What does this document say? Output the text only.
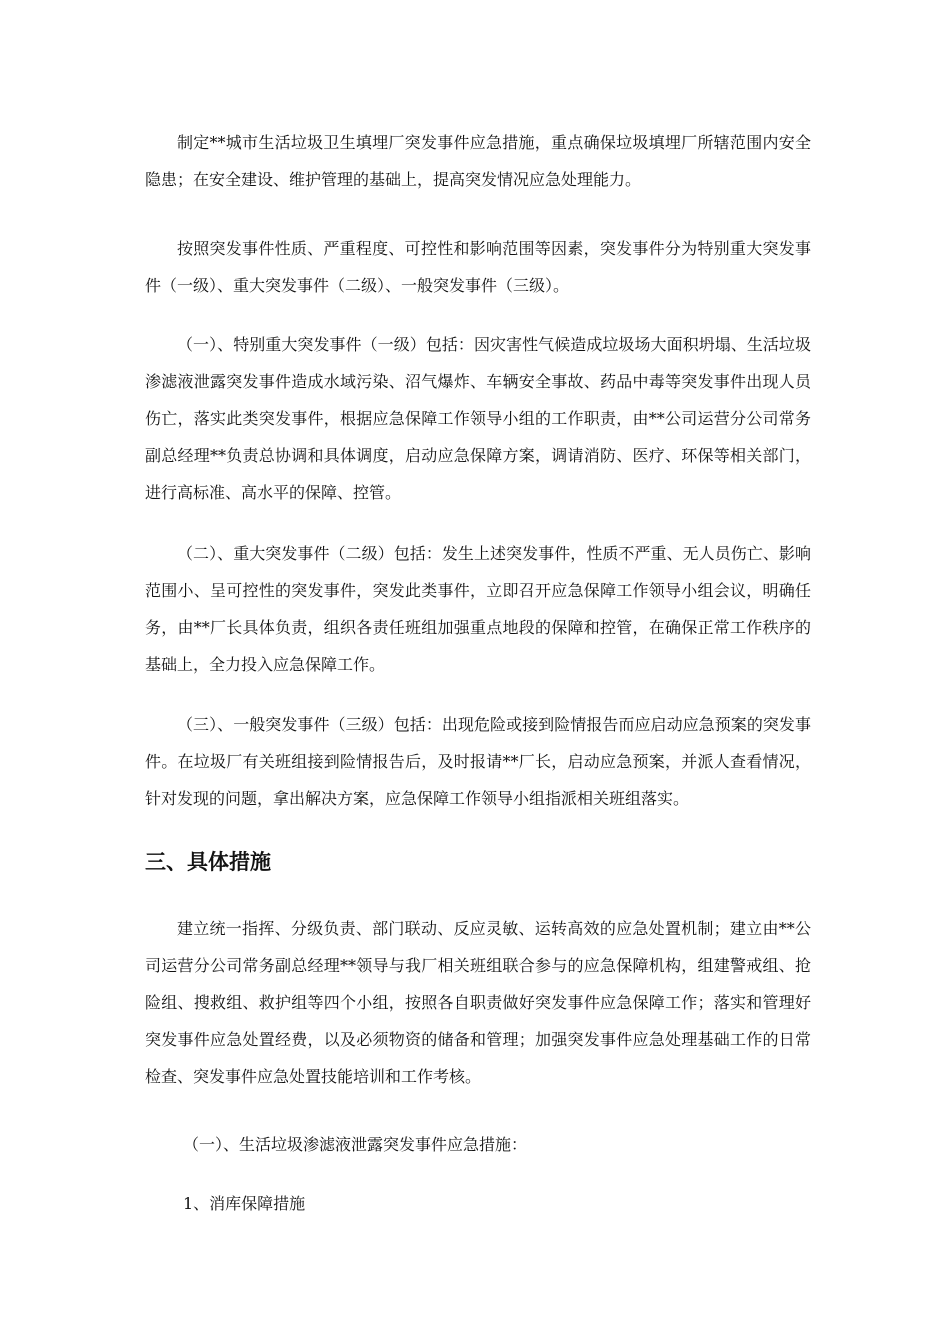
制定**城市生活垃圾卫生填埋厂突发事件应急措施，重点确保垃圾填埋厂所辖范围内安全隐患；在安全建设、维护管理的基础上，提高突发情况应急处理能力。

按照突发事件性质、严重程度、可控性和影响范围等因素，突发事件分为特别重大突发事件（一级）、重大突发事件（二级）、一般突发事件（三级）。

（一）、特别重大突发事件（一级）包括：因灾害性气候造成垃圾场大面积坍塌、生活垃圾渗滤液泄露突发事件造成水域污染、沼气爆炸、车辆安全事故、药品中毒等突发事件出现人员伤亡，落实此类突发事件，根据应急保障工作领导小组的工作职责，由**公司运营分公司常务副总经理**负责总协调和具体调度，启动应急保障方案，调请消防、医疗、环保等相关部门，进行高标准、高水平的保障、控管。

（二）、重大突发事件（二级）包括：发生上述突发事件，性质不严重、无人员伤亡、影响范围小、呈可控性的突发事件，突发此类事件，立即召开应急保障工作领导小组会议，明确任务，由**厂长具体负责，组织各责任班组加强重点地段的保障和控管，在确保正常工作秩序的基础上，全力投入应急保障工作。

（三）、一般突发事件（三级）包括：出现危险或接到险情报告而应启动应急预案的突发事件。在垃圾厂有关班组接到险情报告后，及时报请**厂长，启动应急预案，并派人查看情况，针对发现的问题，拿出解决方案，应急保障工作领导小组指派相关班组落实。

三、具体措施

建立统一指挥、分级负责、部门联动、反应灵敏、运转高效的应急处置机制；建立由**公司运营分公司常务副总经理**领导与我厂相关班组联合参与的应急保障机构，组建警戒组、抢险组、搜救组、救护组等四个小组，按照各自职责做好突发事件应急保障工作；落实和管理好突发事件应急处置经费，以及必须物资的储备和管理；加强突发事件应急处理基础工作的日常检查、突发事件应急处置技能培训和工作考核。

（一）、生活垃圾渗滤液泄露突发事件应急措施：

1、消库保障措施
